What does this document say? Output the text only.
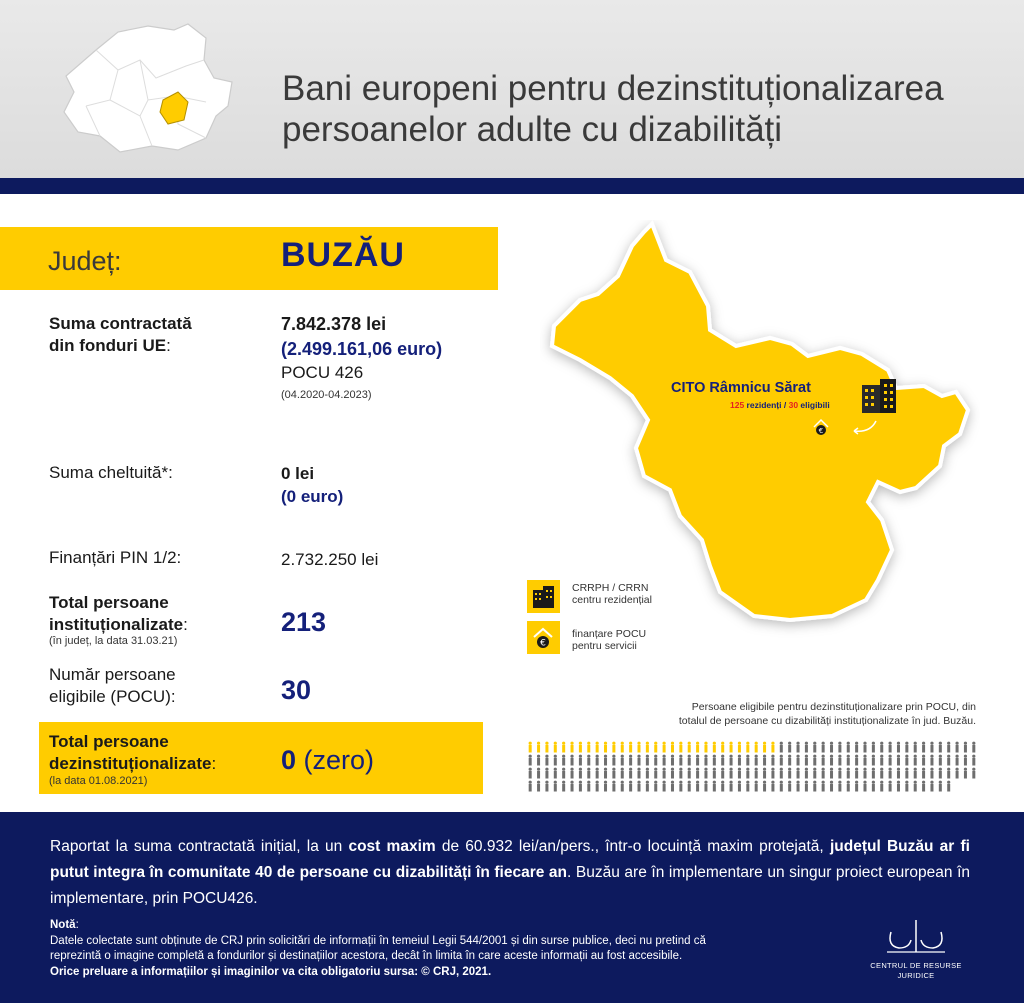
Bani europeni pentru dezinstituționalizarea
persoanelor adulte cu dizabilități
Județ:	BUZĂU
Suma contractată
din fonduri UE:
7.842.378 lei
(2.499.161,06 euro)
POCU 426
(04.2020-04.2023)
Suma cheltuită*:	0 lei
(0 euro)
Finanțări PIN 1/2:	2.732.250 lei
Total persoane
instituționalizate:
(în județ, la data 31.03.21)
213
Număr persoane
eligibile (POCU):	30
Total persoane
dezinstituționalizate:
(la data 01.08.2021)
0 (zero)
CITO Râmnicu Sărat
125 rezidenți / 30 eligibili
€
CRRPH / CRRN
centru rezidențial
€
finanțare POCU
pentru servicii
Persoane eligibile pentru dezinstituționalizare prin POCU, din
totalul de persoane cu dizabilități instituționalizate în jud. Buzău.
Raportat la suma contractată inițial, la un cost maxim de 60.932 lei/an/pers., într-o locuință maxim protejată, județul Buzău ar fi putut integra în comunitate 40 de persoane cu dizabilități în fiecare an. Buzău are în implementare un singur proiect european în implementare, prin POCU426.
Notă:
Datele colectate sunt obținute de CRJ prin solicitări de informații în temeiul Legii 544/2001 și din surse publice, deci nu pretind că
reprezintă o imagine completă a fondurilor și destinațiilor acestora, decât în limita în care aceste informații au fost accesibile.
Orice preluare a informațiilor și imaginilor va cita obligatoriu sursa: © CRJ, 2021.	CENTRUL DE RESURSE
JURIDICE
